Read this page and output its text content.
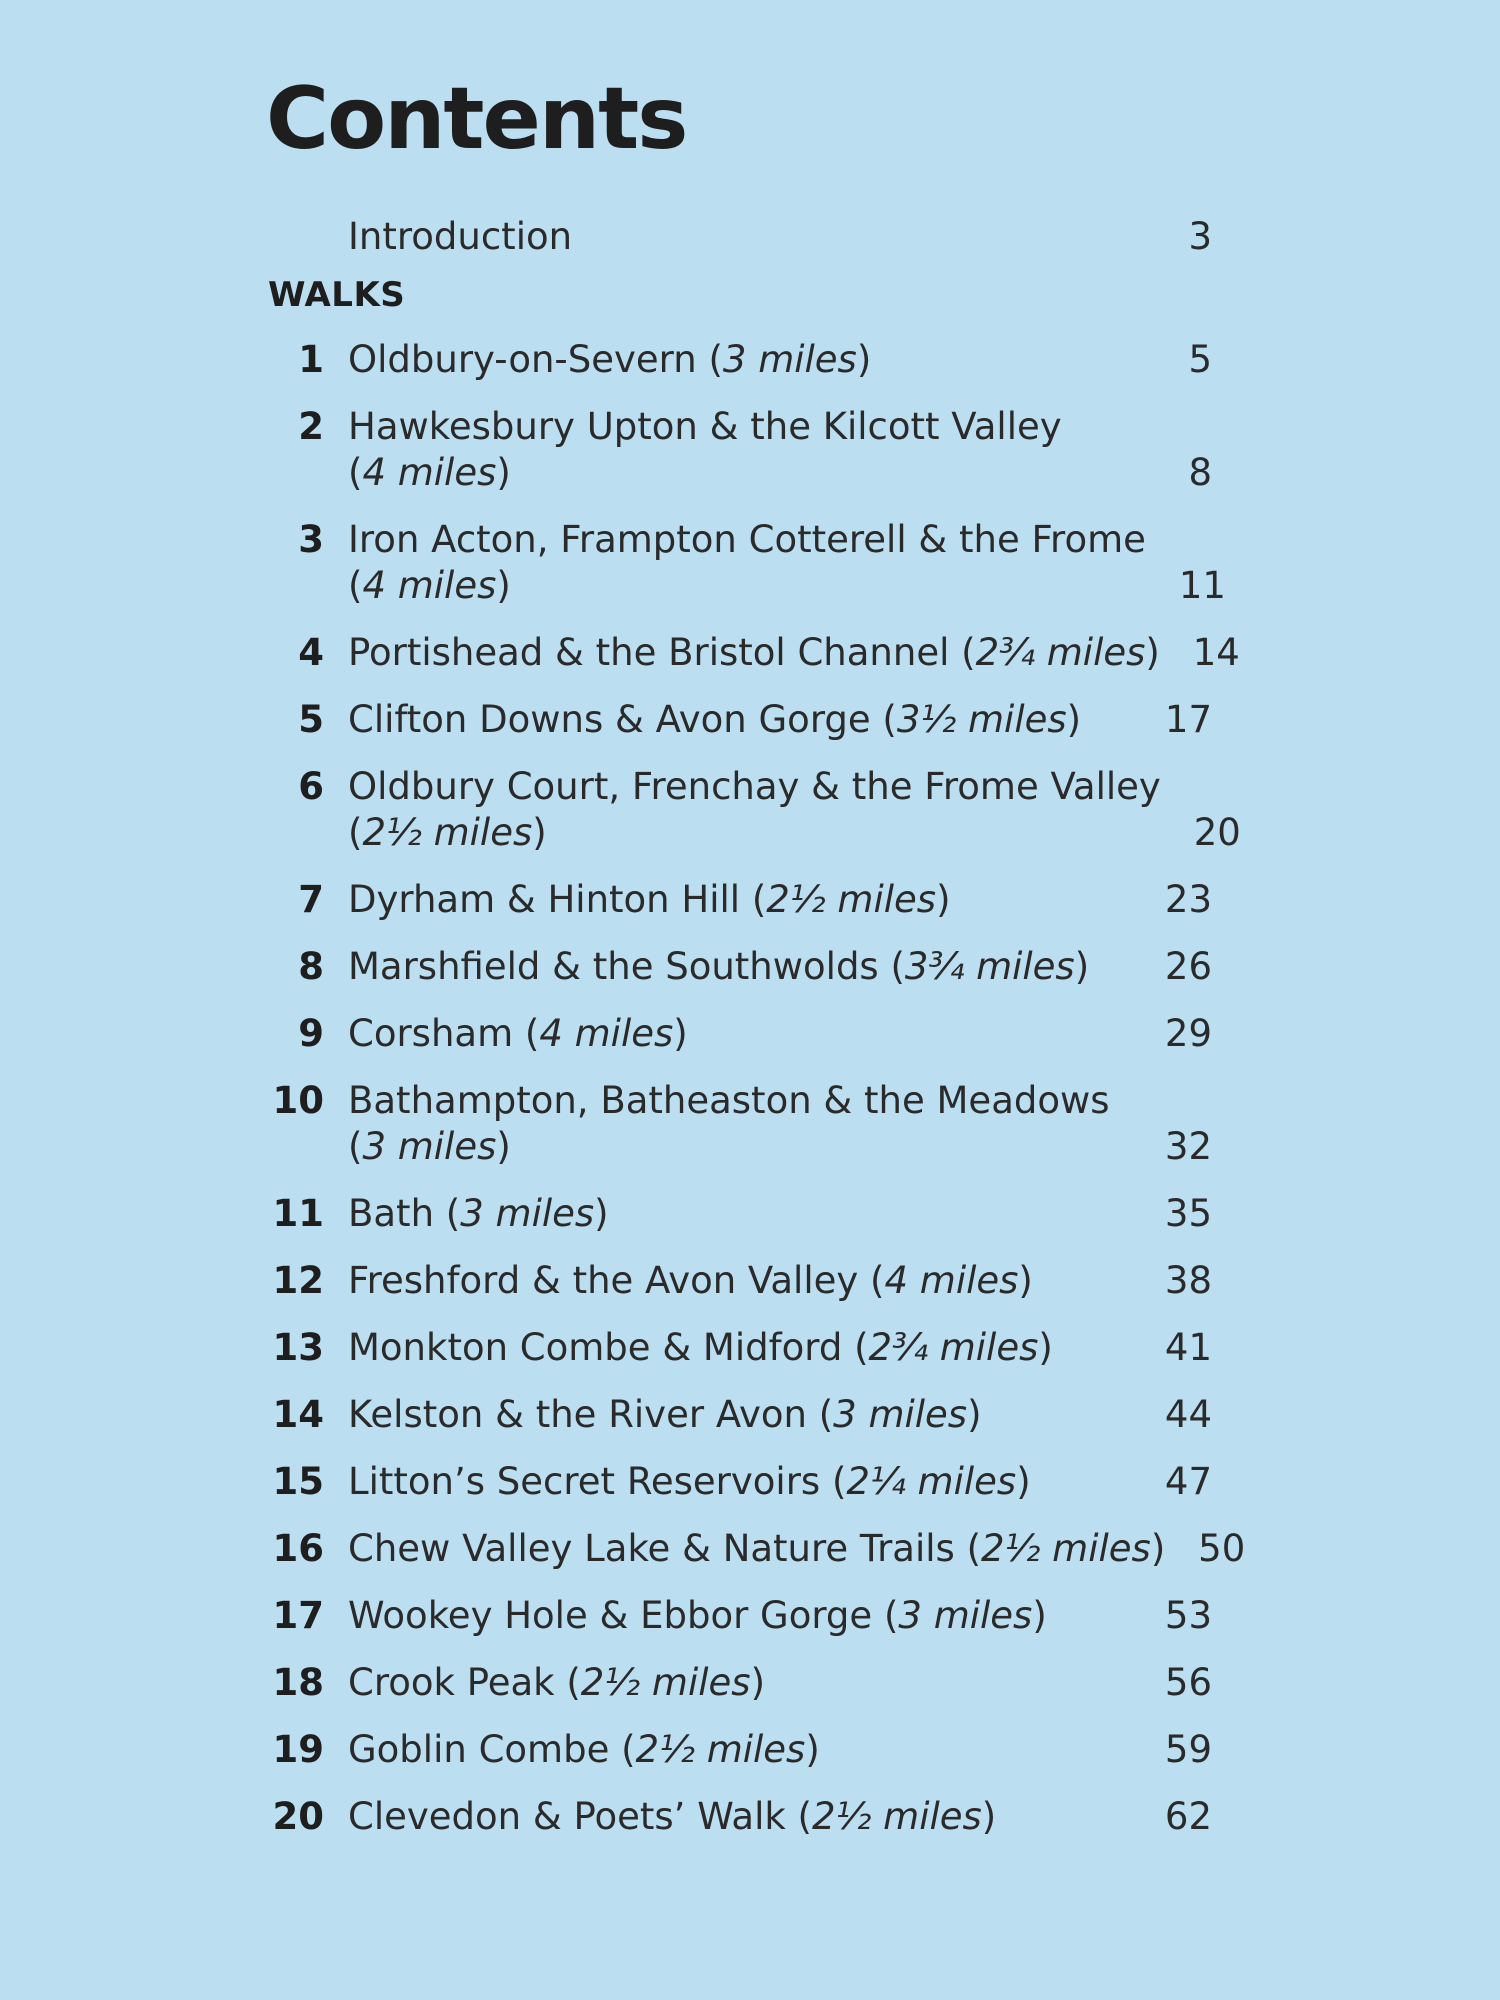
Contents
Introduction	3
WALKS
1 Oldbury-on-Severn (3 miles)	5
2 Hawkesbury Upton & the Kilcott Valley
(4 miles)	8
3 Iron Acton, Frampton Cotterell & the Frome
(4 miles)	11
4 Portishead & the Bristol Channel (2¾ miles) 14
5 Clifton Downs & Avon Gorge (3½ miles)	17
6 Oldbury Court, Frenchay & the Frome Valley
(2½ miles)	20
7 Dyrham & Hinton Hill (2½ miles)	23
8 Marshfield & the Southwolds (3¾ miles)	26
9 Corsham (4 miles)	29
10 Bathampton, Batheaston & the Meadows
(3 miles)	32
11 Bath (3 miles)	35
12 Freshford & the Avon Valley (4 miles)	38
13 Monkton Combe & Midford (2¾ miles)	41
14 Kelston & the River Avon (3 miles)	44
15 Litton’s Secret Reservoirs (2¼ miles)	47
16 Chew Valley Lake & Nature Trails (2½ miles) 50
17 Wookey Hole & Ebbor Gorge (3 miles)	53
18 Crook Peak (2½ miles)	56
19 Goblin Combe (2½ miles)	59
20 Clevedon & Poets’ Walk (2½ miles)	62
